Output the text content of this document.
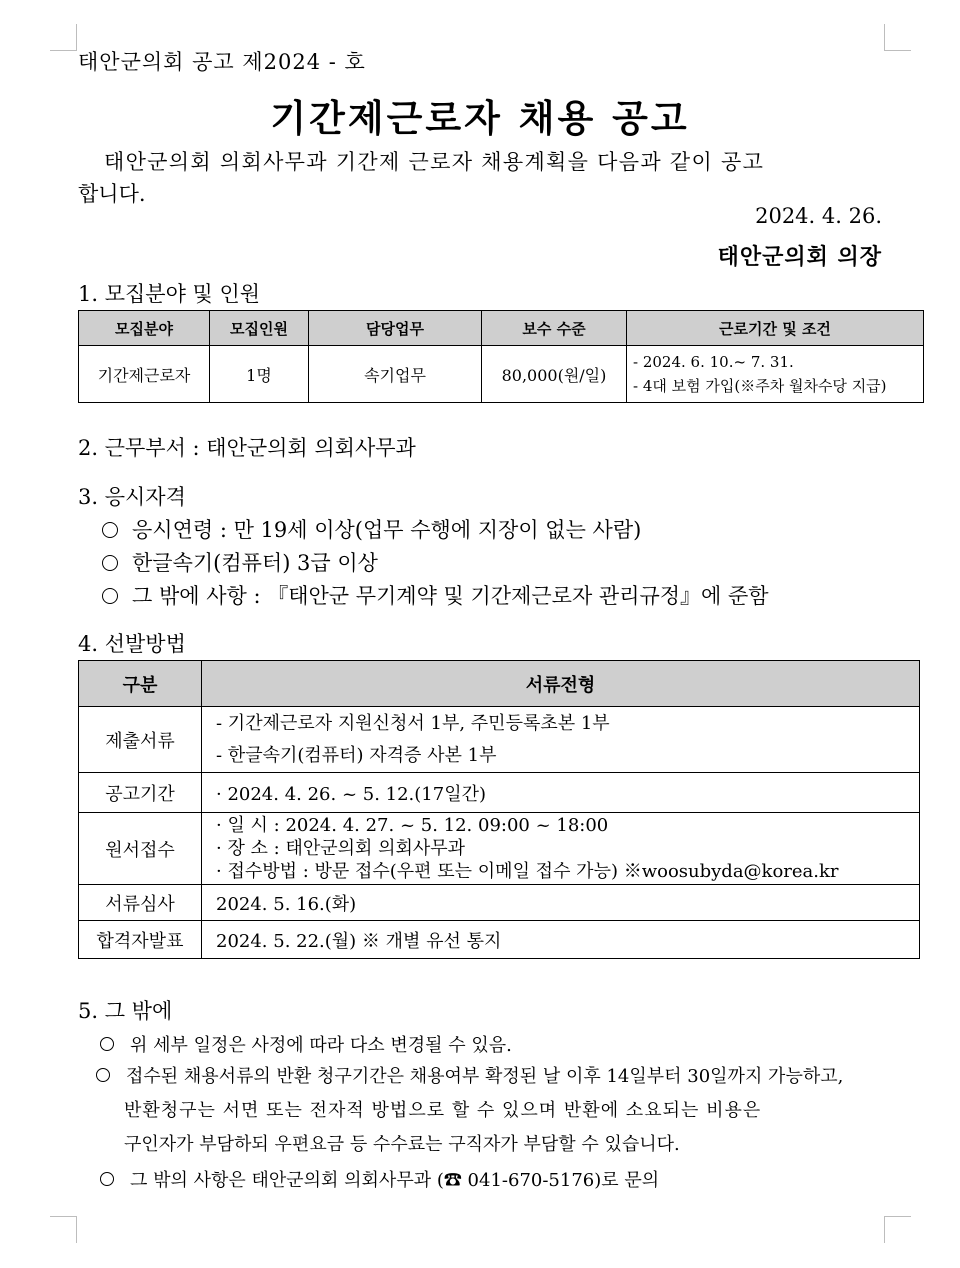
태안군의회 공고 제2024 - 호
기간제근로자 채용 공고
태안군의회 의회사무과 기간제 근로자 채용계획을 다음과 같이 공고
합니다.
2024. 4. 26.
태안군의회 의장
1. 모집분야 및 인원
모집분야	모집인원	담당업무	보수 수준	근로기간 및 조건
기간제근로자	1명	속기업무	80,000(원/일)	- 2024. 6. 10.~ 7. 31.
- 4대 보험 가입(※주차 월차수당 지급)
2. 근무부서 : 태안군의회 의회사무과
3. 응시자격
응시연령 : 만 19세 이상(업무 수행에 지장이 없는 사람)
한글속기(컴퓨터) 3급 이상
그 밖에 사항 : 『태안군 무기계약 및 기간제근로자 관리규정』에 준함
4. 선발방법
구분	서류전형
제출서류	- 기간제근로자 지원신청서 1부, 주민등록초본 1부
- 한글속기(컴퓨터) 자격증 사본 1부

공고기간	· 2024. 4. 26. ~ 5. 12.(17일간)
원서접수	· 일 시 : 2024. 4. 27. ~ 5. 12. 09:00 ~ 18:00
· 장 소 : 태안군의회 의회사무과
· 접수방법 : 방문 접수(우편 또는 이메일 접수 가능) ※woosubyda@korea.kr

서류심사	2024. 5. 16.(화)
합격자발표	2024. 5. 22.(월) ※ 개별 유선 통지
5. 그 밖에
위 세부 일정은 사정에 따라 다소 변경될 수 있음.
접수된 채용서류의 반환 청구기간은 채용여부 확정된 날 이후 14일부터 30일까지 가능하고,
반환청구는 서면 또는 전자적 방법으로 할 수 있으며 반환에 소요되는 비용은
구인자가 부담하되 우편요금 등 수수료는 구직자가 부담할 수 있습니다.
그 밖의 사항은 태안군의회 의회사무과 (☎ 041-670-5176)로 문의
